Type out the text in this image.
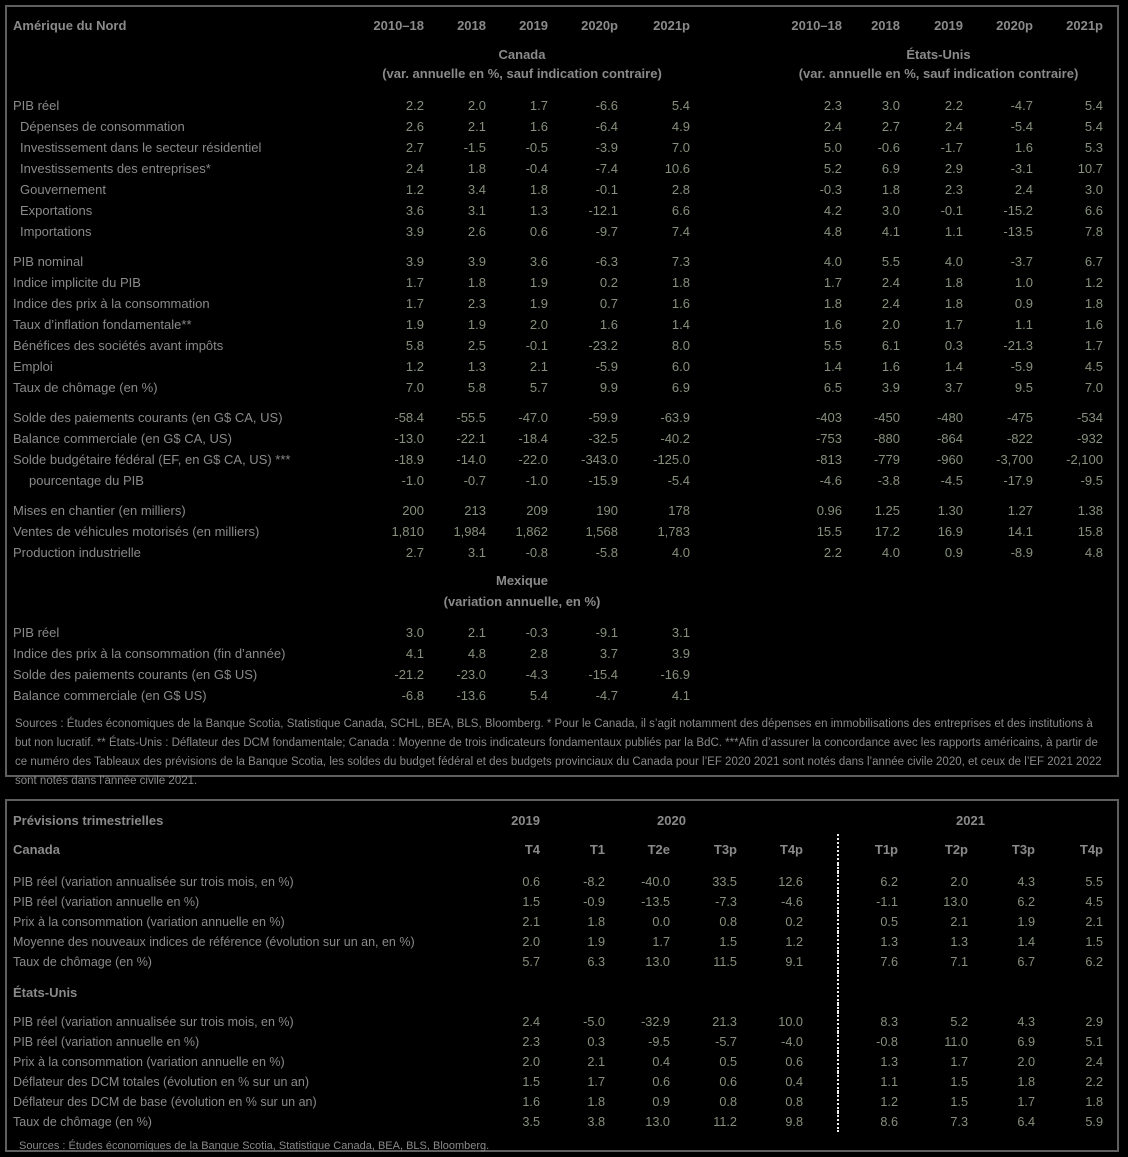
Amérique du Nord	2010–18	2018	2019	2020p	2021p		2010–18	2018	2019	2020p	2021p
	Canada						États-Unis				
	(var. annuelle en %, sauf indication contraire)						(var. annuelle en %, sauf indication contraire)				

PIB réel	2.2	2.0	1.7	-6.6	5.4		2.3	3.0	2.2	-4.7	5.4
Dépenses de consommation	2.6	2.1	1.6	-6.4	4.9		2.4	2.7	2.4	-5.4	5.4
Investissement dans le secteur résidentiel	2.7	-1.5	-0.5	-3.9	7.0		5.0	-0.6	-1.7	1.6	5.3
Investissements des entreprises*	2.4	1.8	-0.4	-7.4	10.6		5.2	6.9	2.9	-3.1	10.7
Gouvernement	1.2	3.4	1.8	-0.1	2.8		-0.3	1.8	2.3	2.4	3.0
Exportations	3.6	3.1	1.3	-12.1	6.6		4.2	3.0	-0.1	-15.2	6.6
Importations	3.9	2.6	0.6	-9.7	7.4		4.8	4.1	1.1	-13.5	7.8

PIB nominal	3.9	3.9	3.6	-6.3	7.3		4.0	5.5	4.0	-3.7	6.7
Indice implicite du PIB	1.7	1.8	1.9	0.2	1.8		1.7	2.4	1.8	1.0	1.2
Indice des prix à la consommation	1.7	2.3	1.9	0.7	1.6		1.8	2.4	1.8	0.9	1.8
Taux d’inflation fondamentale**	1.9	1.9	2.0	1.6	1.4		1.6	2.0	1.7	1.1	1.6
Bénéfices des sociétés avant impôts	5.8	2.5	-0.1	-23.2	8.0		5.5	6.1	0.3	-21.3	1.7
Emploi	1.2	1.3	2.1	-5.9	6.0		1.4	1.6	1.4	-5.9	4.5
Taux de chômage (en %)	7.0	5.8	5.7	9.9	6.9		6.5	3.9	3.7	9.5	7.0

Solde des paiements courants (en G$ CA, US)	-58.4	-55.5	-47.0	-59.9	-63.9		-403	-450	-480	-475	-534
Balance commerciale (en G$ CA, US)	-13.0	-22.1	-18.4	-32.5	-40.2		-753	-880	-864	-822	-932
Solde budgétaire fédéral (EF, en G$ CA, US) ***	-18.9	-14.0	-22.0	-343.0	-125.0		-813	-779	-960	-3,700	-2,100
pourcentage du PIB	-1.0	-0.7	-1.0	-15.9	-5.4		-4.6	-3.8	-4.5	-17.9	-9.5

Mises en chantier (en milliers)	200	213	209	190	178		0.96	1.25	1.30	1.27	1.38
Ventes de véhicules motorisés (en milliers)	1,810	1,984	1,862	1,568	1,783		15.5	17.2	16.9	14.1	15.8
Production industrielle	2.7	3.1	-0.8	-5.8	4.0		2.2	4.0	0.9	-8.9	4.8

	Mexique										
	(variation annuelle, en %)										

PIB réel	3.0	2.1	-0.3	-9.1	3.1						
Indice des prix à la consommation (fin d’année)	4.1	4.8	2.8	3.7	3.9						
Solde des paiements courants (en G$ US)	-21.2	-23.0	-4.3	-15.4	-16.9						
Balance commerciale (en G$ US)	-6.8	-13.6	5.4	-4.7	4.1						

Sources : Études économiques de la Banque Scotia, Statistique Canada, SCHL, BEA, BLS, Bloomberg. * Pour le Canada, il s’agit notamment des dépenses en immobilisations des entreprises et des institutions à but non lucratif. ** États-Unis : Déflateur des DCM fondamentale; Canada : Moyenne de trois indicateurs fondamentaux publiés par la BdC. ***Afin d’assurer la concordance avec les rapports américains, à partir de ce numéro des Tableaux des prévisions de la Banque Scotia, les soldes du budget fédéral et des budgets provinciaux du Canada pour l’EF 2020 2021 sont notés dans l’année civile 2020, et ceux de l’EF 2021 2022 sont notés dans l’année civile 2021.

Prévisions trimestrielles	2019	2020					2021			
Canada	T4	T1	T2e	T3p	T4p		T1p	T2p	T3p	T4p

PIB réel (variation annualisée sur trois mois, en %)	0.6	-8.2	-40.0	33.5	12.6		6.2	2.0	4.3	5.5
PIB réel (variation annuelle en %)	1.5	-0.9	-13.5	-7.3	-4.6		-1.1	13.0	6.2	4.5
Prix à la consommation (variation annuelle en %)	2.1	1.8	0.0	0.8	0.2		0.5	2.1	1.9	2.1
Moyenne des nouveaux indices de référence (évolution sur un an, en %)	2.0	1.9	1.7	1.5	1.2		1.3	1.3	1.4	1.5
Taux de chômage (en %)	5.7	6.3	13.0	11.5	9.1		7.6	7.1	6.7	6.2
États-Unis										

PIB réel (variation annualisée sur trois mois, en %)	2.4	-5.0	-32.9	21.3	10.0		8.3	5.2	4.3	2.9
PIB réel (variation annuelle en %)	2.3	0.3	-9.5	-5.7	-4.0		-0.8	11.0	6.9	5.1
Prix à la consommation (variation annuelle en %)	2.0	2.1	0.4	0.5	0.6		1.3	1.7	2.0	2.4
Déflateur des DCM totales (évolution en % sur un an)	1.5	1.7	0.6	0.6	0.4		1.1	1.5	1.8	2.2
Déflateur des DCM de base (évolution en % sur un an)	1.6	1.8	0.9	0.8	0.8		1.2	1.5	1.7	1.8
Taux de chômage (en %)	3.5	3.8	13.0	11.2	9.8		8.6	7.3	6.4	5.9

Sources : Études économiques de la Banque Scotia, Statistique Canada, BEA, BLS, Bloomberg.
